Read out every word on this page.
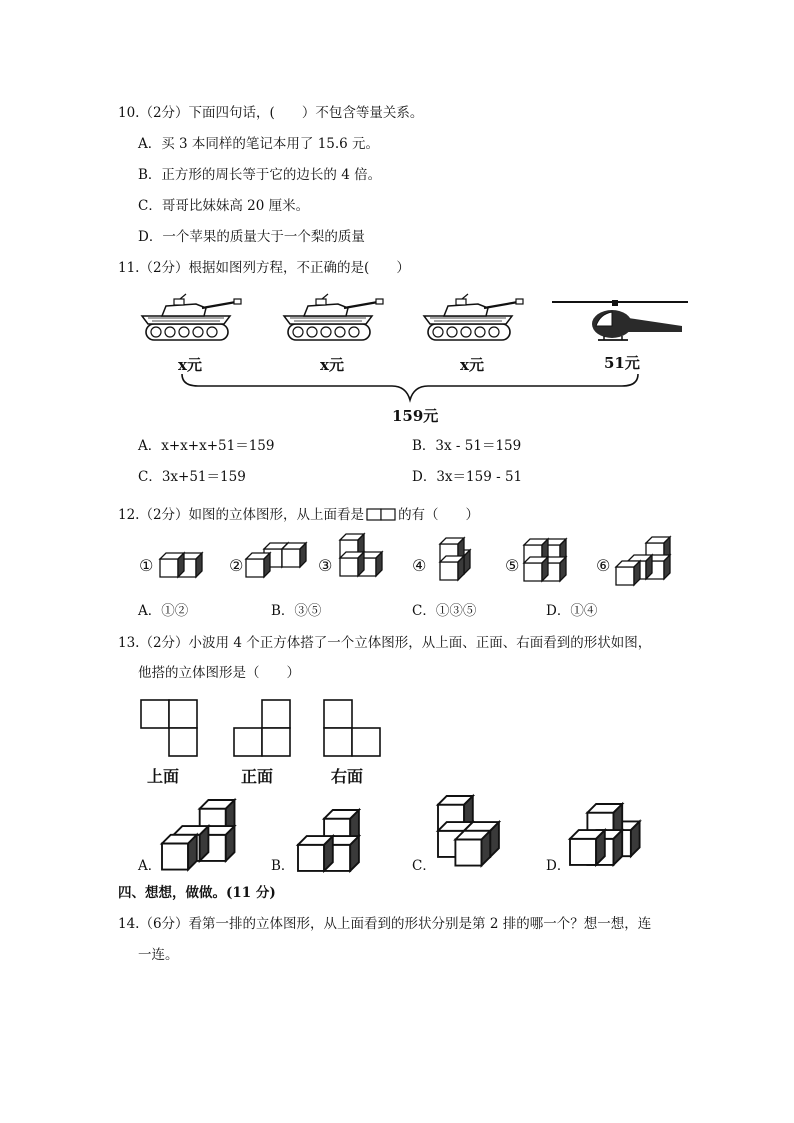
10.（2分）下面四句话，(　　）不包含等量关系。
A．买 3 本同样的笔记本用了 15.6 元。
B．正方形的周长等于它的边长的 4 倍。
C．哥哥比妹妹高 20 厘米。
D．一个苹果的质量大于一个梨的质量
11.（2分）根据如图列方程，不正确的是(　　）
x元	x元	x元	51元
159元
A．x+x+x+51＝159	B．3x - 51＝159
C．3x+51＝159	D．3x＝159 - 51
12.（2分）如图的立体图形，从上面看是	的有（　　）
①	②	③	④	⑤	⑥
A．①②	B．③⑤	C．①③⑤	D．①④
13.（2分）小波用 4 个正方体搭了一个立体图形，从上面、正面、右面看到的形状如图，
他搭的立体图形是（　　）
上面	正面	右面
A．	B．	C．	D．
四、想想，做做。(11 分)
14.（6分）看第一排的立体图形，从上面看到的形状分别是第 2 排的哪一个？想一想，连
一连。
